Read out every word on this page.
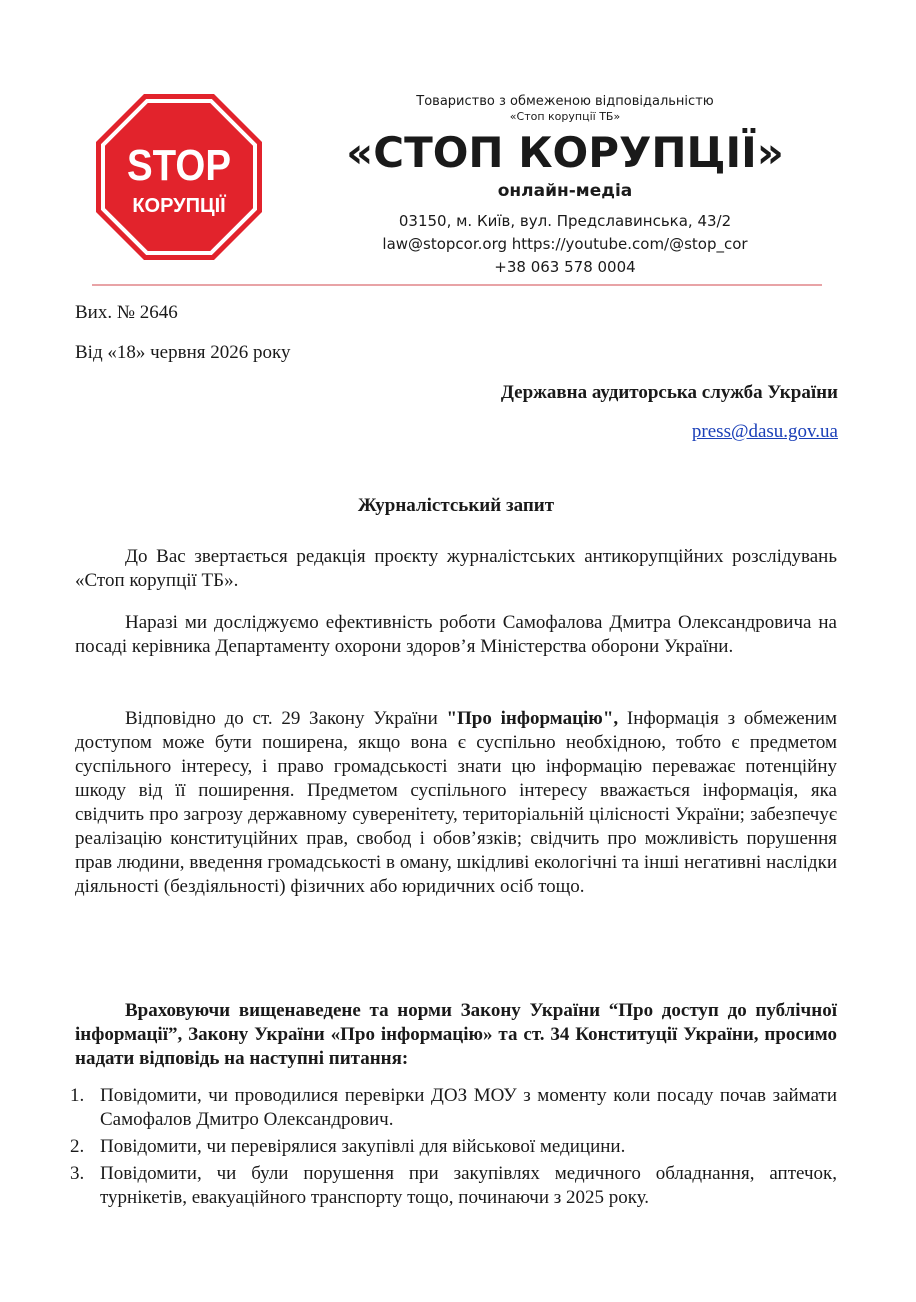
STOP
КОРУПЦІЇ
Товариство з обмеженою відповідальністю
«Стоп корупції ТБ»
«СТОП КОРУПЦІЇ»
онлайн-медіа
03150, м. Київ, вул. Предславинська, 43/2
law@stopcor.org https://youtube.com/@stop_cor
+38 063 578 0004
Вих. № 2646
Від «18» червня 2026 року
Державна аудиторська служба України
press@dasu.gov.ua
Журналістський запит

До Вас звертається редакція проєкту журналістських антикорупційних розслідувань «Стоп корупції ТБ».

Наразі ми досліджуємо ефективність роботи Самофалова Дмитра Олександровича на посаді керівника Департаменту охорони здоров’я Міністерства оборони України.

Відповідно до ст. 29 Закону України "Про інформацію", Інформація з обмеженим доступом може бути поширена, якщо вона є суспільно необхідною, тобто є предметом суспільного інтересу, і право громадськості знати цю інформацію переважає потенційну шкоду від її поширення. Предметом суспільного інтересу вважається інформація, яка свідчить про загрозу державному суверенітету, територіальній цілісності України; забезпечує реалізацію конституційних прав, свобод і обов’язків; свідчить про можливість порушення прав людини, введення громадськості в оману, шкідливі екологічні та інші негативні наслідки діяльності (бездіяльності) фізичних або юридичних осіб тощо.

Враховуючи вищенаведене та норми Закону України “Про доступ до публічної інформації”, Закону України «Про інформацію» та ст. 34 Конституції України, просимо надати відповідь на наступні питання:

1. Повідомити, чи проводилися перевірки ДОЗ МОУ з моменту коли посаду почав займати Самофалов Дмитро Олександрович.
2. Повідомити, чи перевірялися закупівлі для військової медицини.
3. Повідомити, чи були порушення при закупівлях медичного обладнання, аптечок, турнікетів, евакуаційного транспорту тощо, починаючи з 2025 року.
